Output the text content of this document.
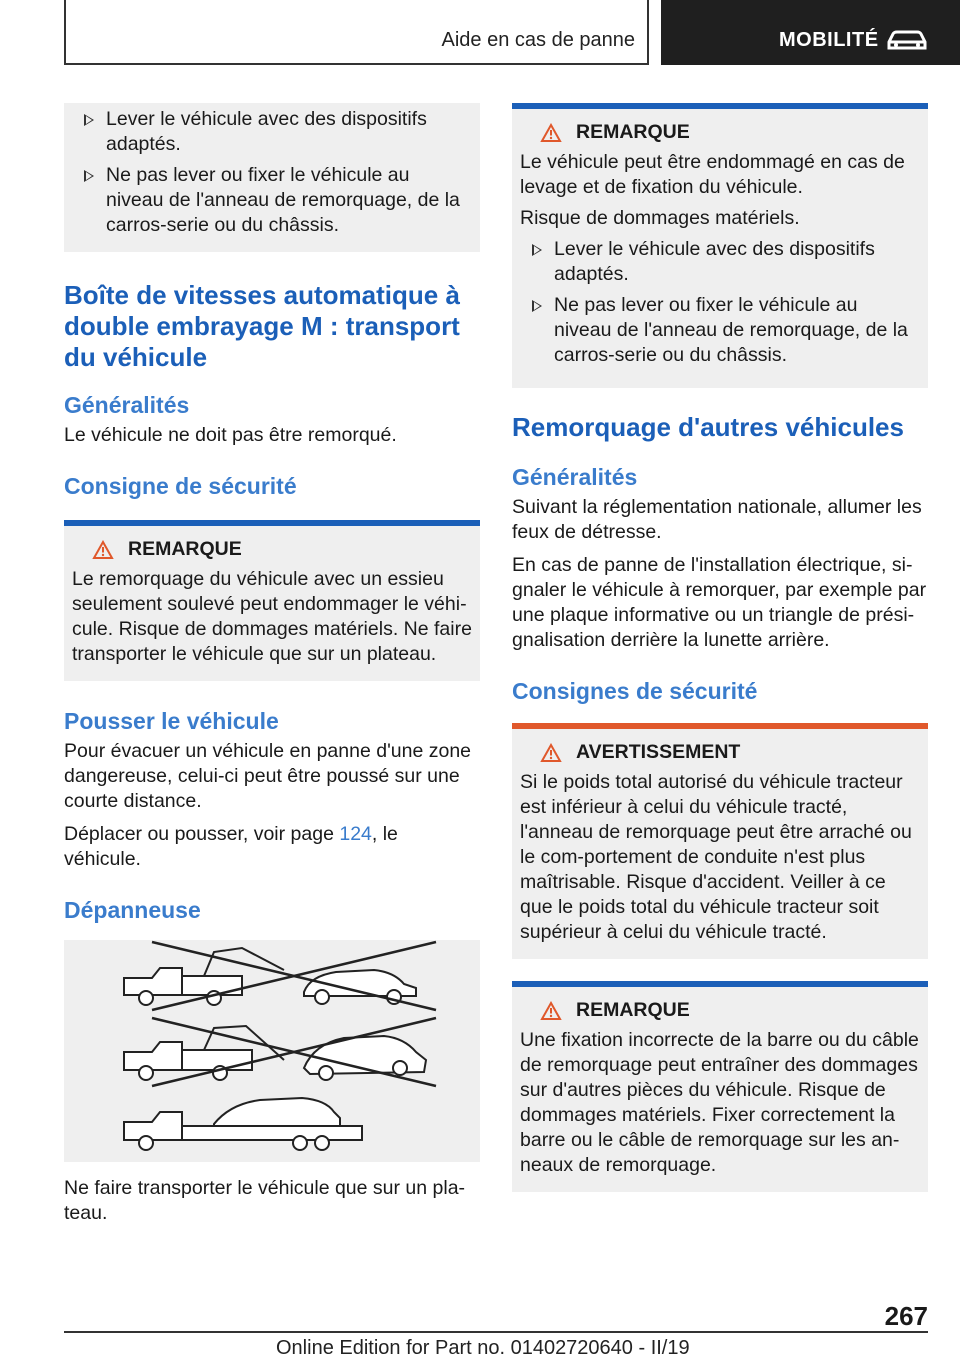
Aide en cas de panne	MOBILITÉ
Lever le véhicule avec des dispositifs adaptés.
Ne pas lever ou fixer le véhicule au niveau de l'anneau de remorquage, de la carros-serie ou du châssis.
Boîte de vitesses automatique à double embrayage M : transport du véhicule
Généralités
Le véhicule ne doit pas être remorqué.
Consigne de sécurité
REMARQUE
Le remorquage du véhicule avec un essieu seulement soulevé peut endommager le véhi-cule. Risque de dommages matériels. Ne faire transporter le véhicule que sur un plateau.
Pousser le véhicule
Pour évacuer un véhicule en panne d'une zone dangereuse, celui-ci peut être poussé sur une courte distance.
Déplacer ou pousser, voir page 124, le véhicule.
Dépanneuse
Ne faire transporter le véhicule que sur un pla-teau.
REMARQUE
Le véhicule peut être endommagé en cas de levage et de fixation du véhicule.
Risque de dommages matériels.
Lever le véhicule avec des dispositifs adaptés.
Ne pas lever ou fixer le véhicule au niveau de l'anneau de remorquage, de la carros-serie ou du châssis.
Remorquage d'autres véhicules
Généralités
Suivant la réglementation nationale, allumer les feux de détresse.
En cas de panne de l'installation électrique, si-gnaler le véhicule à remorquer, par exemple par une plaque informative ou un triangle de prési-gnalisation derrière la lunette arrière.
Consignes de sécurité
AVERTISSEMENT
Si le poids total autorisé du véhicule tracteur est inférieur à celui du véhicule tracté, l'anneau de remorquage peut être arraché ou le com-portement de conduite n'est plus maîtrisable. Risque d'accident. Veiller à ce que le poids total du véhicule tracteur soit supérieur à celui du véhicule tracté.
REMARQUE
Une fixation incorrecte de la barre ou du câble de remorquage peut entraîner des dommages sur d'autres pièces du véhicule. Risque de dommages matériels. Fixer correctement la barre ou le câble de remorquage sur les an-neaux de remorquage.
267
Online Edition for Part no. 01402720640 - II/19
